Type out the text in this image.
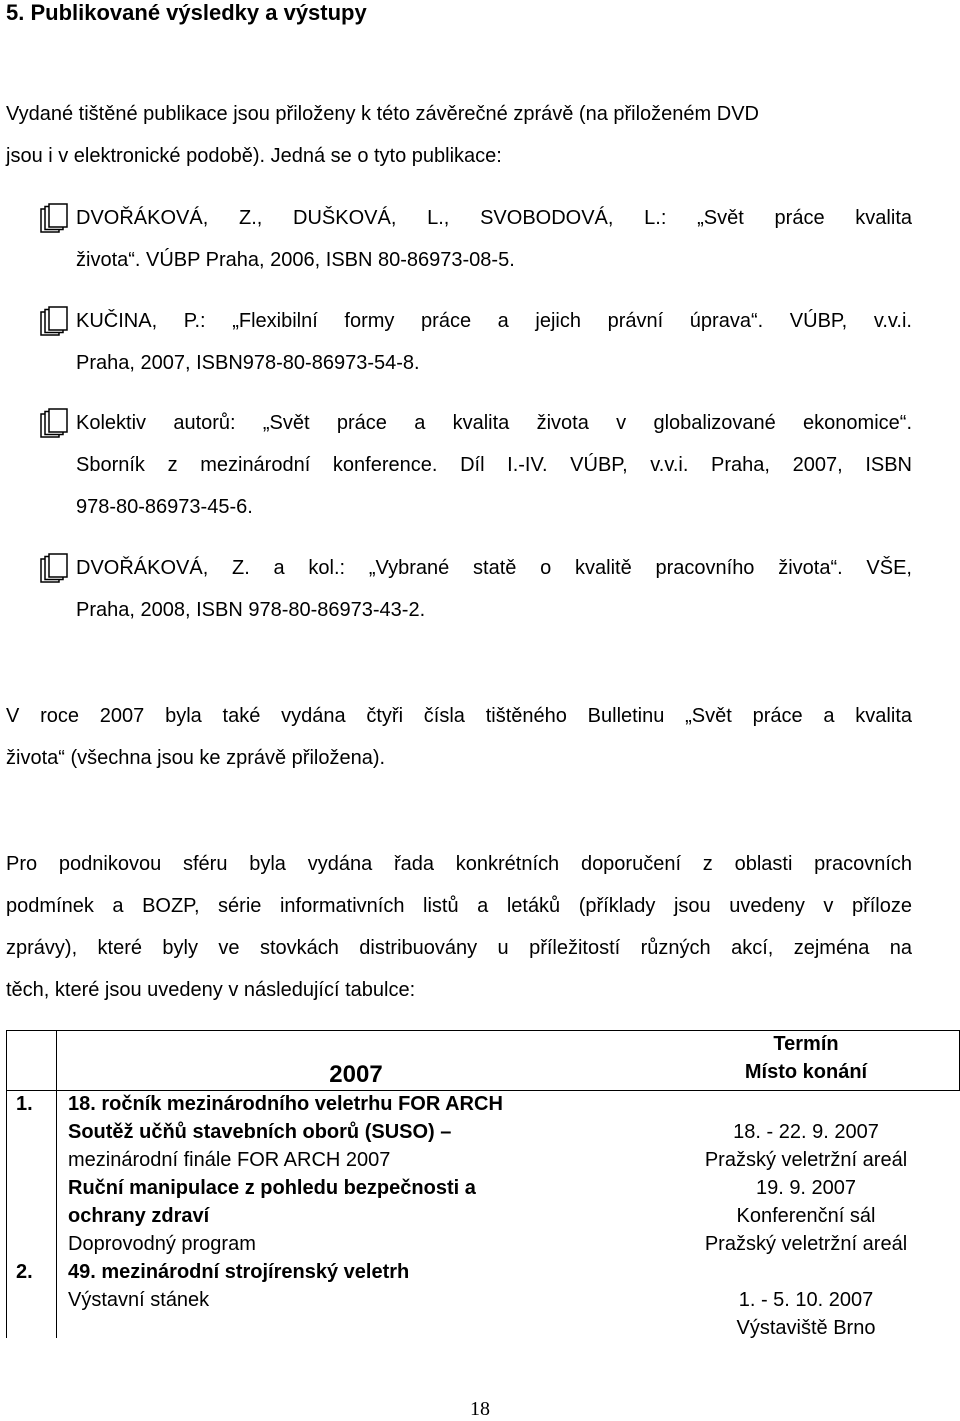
5. Publikované výsledky a výstupy

Vydané tištěné publikace jsou přiloženy k této závěrečné zprávě (na přiloženém DVD

jsou i v elektronické podobě). Jedná se o tyto publikace:

DVOŘÁKOVÁ, Z., DUŠKOVÁ, L., SVOBODOVÁ, L.: „Svět práce kvalita
života“. VÚBP Praha, 2006, ISBN 80-86973-08-5.
KUČINA, P.: „Flexibilní formy práce a jejich právní úprava“. VÚBP, v.v.i.
Praha, 2007, ISBN978-80-86973-54-8.
Kolektiv autorů: „Svět práce a kvalita života v globalizované ekonomice“.
Sborník z mezinárodní konference. Díl I.-IV. VÚBP, v.v.i. Praha, 2007, ISBN
978-80-86973-45-6.
DVOŘÁKOVÁ, Z. a kol.: „Vybrané statě o kvalitě pracovního života“. VŠE,
Praha, 2008, ISBN 978-80-86973-43-2.

V roce 2007 byla také vydána čtyři čísla tištěného Bulletinu „Svět práce a kvalita

života“ (všechna jsou ke zprávě přiložena).

Pro podnikovou sféru byla vydána řada konkrétních doporučení z oblasti pracovních

podmínek a BOZP, série informativních listů a letáků (příklady jsou uvedeny v příloze

zprávy), které byly ve stovkách distribuovány u příležitostí různých akcí, zejména na

těch, které jsou uvedeny v následující tabulce:

2007
Termín
Místo konání
1. 18. ročník mezinárodního veletrhu FOR ARCH
Soutěž učňů stavebních oborů (SUSO) –
mezinárodní finále FOR ARCH 2007
18. - 22. 9. 2007
Pražský veletržní areál
Ruční manipulace z pohledu bezpečnosti a
ochrany zdraví
19. 9. 2007
Konferenční sál
Doprovodný program	Pražský veletržní areál
2. 49. mezinárodní strojírenský veletrh
Výstavní stánek	1. - 5. 10. 2007
Výstaviště Brno
18
